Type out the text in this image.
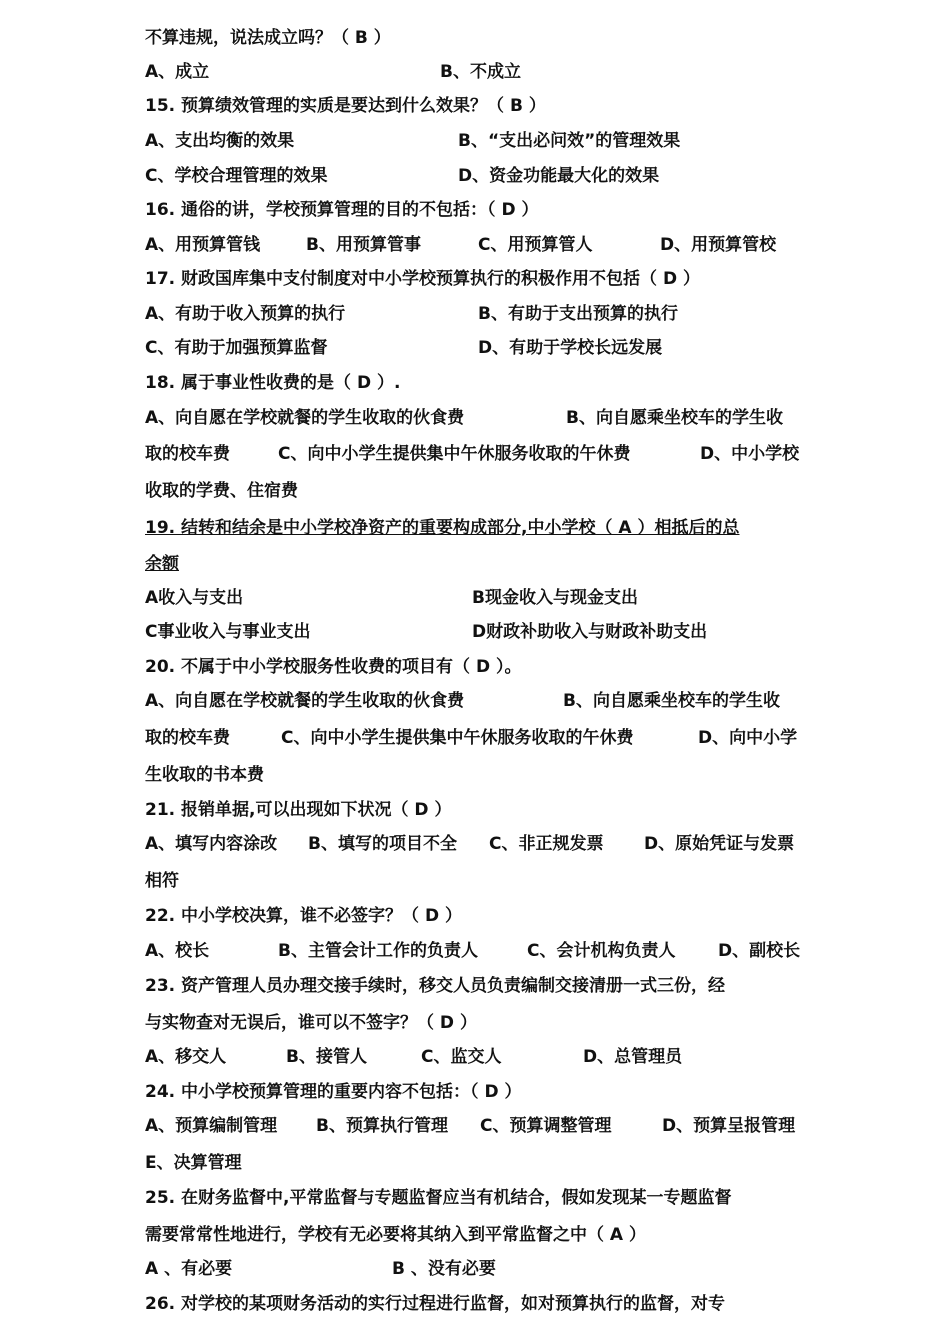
不算违规，说法成立吗？（ B ）
A、成立	B、不成立
15. 预算绩效管理的实质是要达到什么效果？（ B ）
A、支出均衡的效果	B、“支出必问效”的管理效果
C、学校合理管理的效果	D、资金功能最大化的效果
16. 通俗的讲，学校预算管理的目的不包括：（ D ）
A、用预算管钱	B、用预算管事	C、用预算管人	D、用预算管校
17. 财政国库集中支付制度对中小学校预算执行的积极作用不包括（ D ）
A、有助于收入预算的执行	B、有助于支出预算的执行
C、有助于加强预算监督	D、有助于学校长远发展
18. 属于事业性收费的是（ D ）.
A、向自愿在学校就餐的学生收取的伙食费	B、向自愿乘坐校车的学生收
取的校车费	C、向中小学生提供集中午休服务收取的午休费	D、中小学校
收取的学费、住宿费
19. 结转和结余是中小学校净资产的重要构成部分,中小学校（ A ）相抵后的总
余额
A收入与支出	B现金收入与现金支出
C事业收入与事业支出	D财政补助收入与财政补助支出
20. 不属于中小学校服务性收费的项目有（ D ）。
A、向自愿在学校就餐的学生收取的伙食费	B、向自愿乘坐校车的学生收
取的校车费	C、向中小学生提供集中午休服务收取的午休费	D、向中小学
生收取的书本费
21. 报销单据,可以出现如下状况（ D ）
A、填写内容涂改 B、填写的项目不全 C、非正规发票 D、原始凭证与发票
相符
22. 中小学校决算，谁不必签字？（ D ）
A、校长	B、主管会计工作的负责人	C、会计机构负责人	D、副校长
23. 资产管理人员办理交接手续时，移交人员负责编制交接清册一式三份，经
与实物查对无误后，谁可以不签字？（ D ）
A、移交人	B、接管人	C、监交人	D、总管理员
24. 中小学校预算管理的重要内容不包括：（ D ）
A、预算编制管理 B、预算执行管理 C、预算调整管理	D、预算呈报管理
E、决算管理
25. 在财务监督中,平常监督与专题监督应当有机结合，假如发现某一专题监督
需要常常性地进行，学校有无必要将其纳入到平常监督之中（ A ）
A 、有必要	B 、没有必要
26. 对学校的某项财务活动的实行过程进行监督，如对预算执行的监督，对专
